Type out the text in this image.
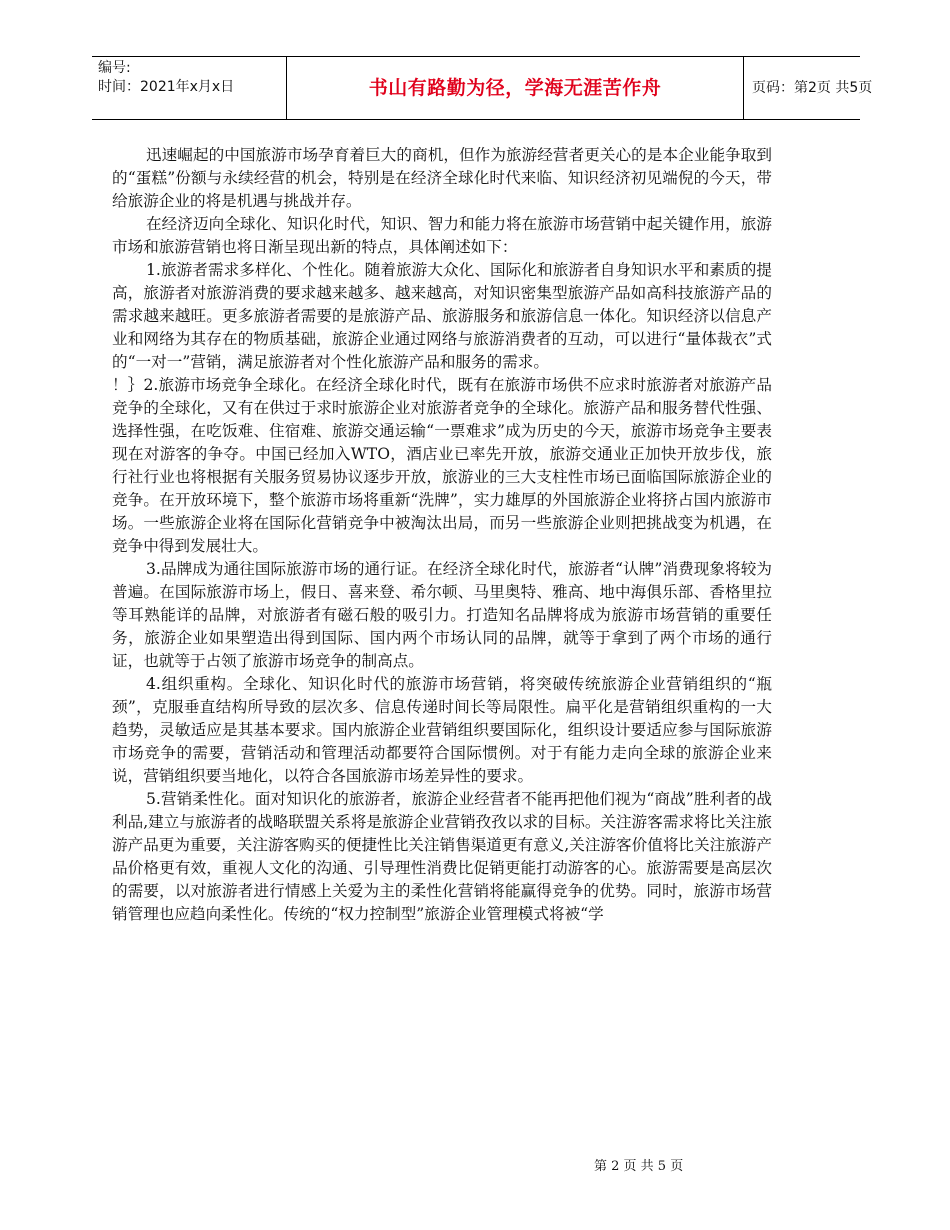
编号:
时间：2021年x月x日	书山有路勤为径，学海无涯苦作舟	页码：第2页 共5页

迅速崛起的中国旅游市场孕育着巨大的商机，但作为旅游经营者更关心的是本企业能争取到的“蛋糕”份额与永续经营的机会，特别是在经济全球化时代来临、知识经济初见端倪的今天，带给旅游企业的将是机遇与挑战并存。

在经济迈向全球化、知识化时代，知识、智力和能力将在旅游市场营销中起关键作用，旅游市场和旅游营销也将日渐呈现出新的特点，具体阐述如下：

1.旅游者需求多样化、个性化。随着旅游大众化、国际化和旅游者自身知识水平和素质的提高，旅游者对旅游消费的要求越来越多、越来越高，对知识密集型旅游产品如高科技旅游产品的需求越来越旺。更多旅游者需要的是旅游产品、旅游服务和旅游信息一体化。知识经济以信息产业和网络为其存在的物质基础，旅游企业通过网络与旅游消费者的互动，可以进行“量体裁衣”式的“一对一”营销，满足旅游者对个性化旅游产品和服务的需求。

！｝2.旅游市场竞争全球化。在经济全球化时代，既有在旅游市场供不应求时旅游者对旅游产品竞争的全球化，又有在供过于求时旅游企业对旅游者竞争的全球化。旅游产品和服务替代性强、选择性强，在吃饭难、住宿难、旅游交通运输“一票难求”成为历史的今天，旅游市场竞争主要表现在对游客的争夺。中国已经加入WTO，酒店业已率先开放，旅游交通业正加快开放步伐，旅行社行业也将根据有关服务贸易协议逐步开放，旅游业的三大支柱性市场已面临国际旅游企业的竞争。在开放环境下，整个旅游市场将重新“洗牌”，实力雄厚的外国旅游企业将挤占国内旅游市场。一些旅游企业将在国际化营销竞争中被淘汰出局，而另一些旅游企业则把挑战变为机遇，在竞争中得到发展壮大。

3.品牌成为通往国际旅游市场的通行证。在经济全球化时代，旅游者“认牌”消费现象将较为普遍。在国际旅游市场上，假日、喜来登、希尔顿、马里奥特、雅高、地中海俱乐部、香格里拉等耳熟能详的品牌，对旅游者有磁石般的吸引力。打造知名品牌将成为旅游市场营销的重要任务，旅游企业如果塑造出得到国际、国内两个市场认同的品牌，就等于拿到了两个市场的通行证，也就等于占领了旅游市场竞争的制高点。

4.组织重构。全球化、知识化时代的旅游市场营销，将突破传统旅游企业营销组织的“瓶颈”，克服垂直结构所导致的层次多、信息传递时间长等局限性。扁平化是营销组织重构的一大趋势，灵敏适应是其基本要求。国内旅游企业营销组织要国际化，组织设计要适应参与国际旅游市场竞争的需要，营销活动和管理活动都要符合国际惯例。对于有能力走向全球的旅游企业来说，营销组织要当地化，以符合各国旅游市场差异性的要求。

5.营销柔性化。面对知识化的旅游者，旅游企业经营者不能再把他们视为“商战”胜利者的战利品,建立与旅游者的战略联盟关系将是旅游企业营销孜孜以求的目标。关注游客需求将比关注旅游产品更为重要，关注游客购买的便捷性比关注销售渠道更有意义,关注游客价值将比关注旅游产品价格更有效，重视人文化的沟通、引导理性消费比促销更能打动游客的心。旅游需要是高层次的需要，以对旅游者进行情感上关爱为主的柔性化营销将能赢得竞争的优势。同时，旅游市场营销管理也应趋向柔性化。传统的“权力控制型”旅游企业管理模式将被“学

第 2 页 共 5 页
